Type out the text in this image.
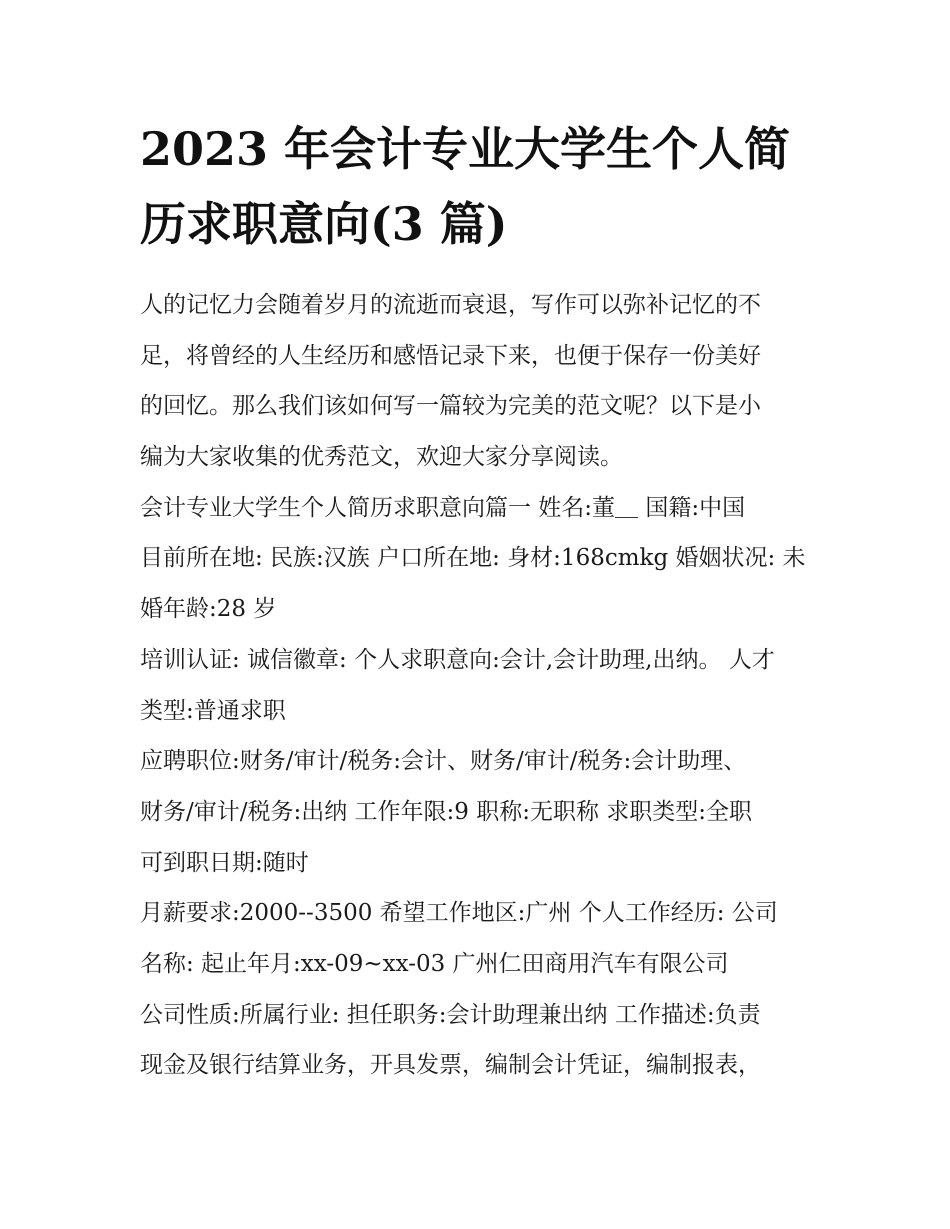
2023 年会计专业大学生个人简
历求职意向(3 篇)
人的记忆力会随着岁月的流逝而衰退，写作可以弥补记忆的不
足，将曾经的人生经历和感悟记录下来，也便于保存一份美好
的回忆。那么我们该如何写一篇较为完美的范文呢？以下是小
编为大家收集的优秀范文，欢迎大家分享阅读。
会计专业大学生个人简历求职意向篇一 姓名:董＿ 国籍:中国
目前所在地: 民族:汉族 户口所在地: 身材:168cmkg 婚姻状况: 未
婚年龄:28 岁
培训认证: 诚信徽章: 个人求职意向:会计,会计助理,出纳。 人才
类型:普通求职
应聘职位:财务/审计/税务:会计、财务/审计/税务:会计助理、
财务/审计/税务:出纳 工作年限:9 职称:无职称 求职类型:全职
可到职日期:随时
月薪要求:2000--3500 希望工作地区:广州 个人工作经历: 公司
名称: 起止年月:xx-09~xx-03 广州仁田商用汽车有限公司
公司性质:所属行业: 担任职务:会计助理兼出纳 工作描述:负责
现金及银行结算业务，开具发票，编制会计凭证，编制报表，
